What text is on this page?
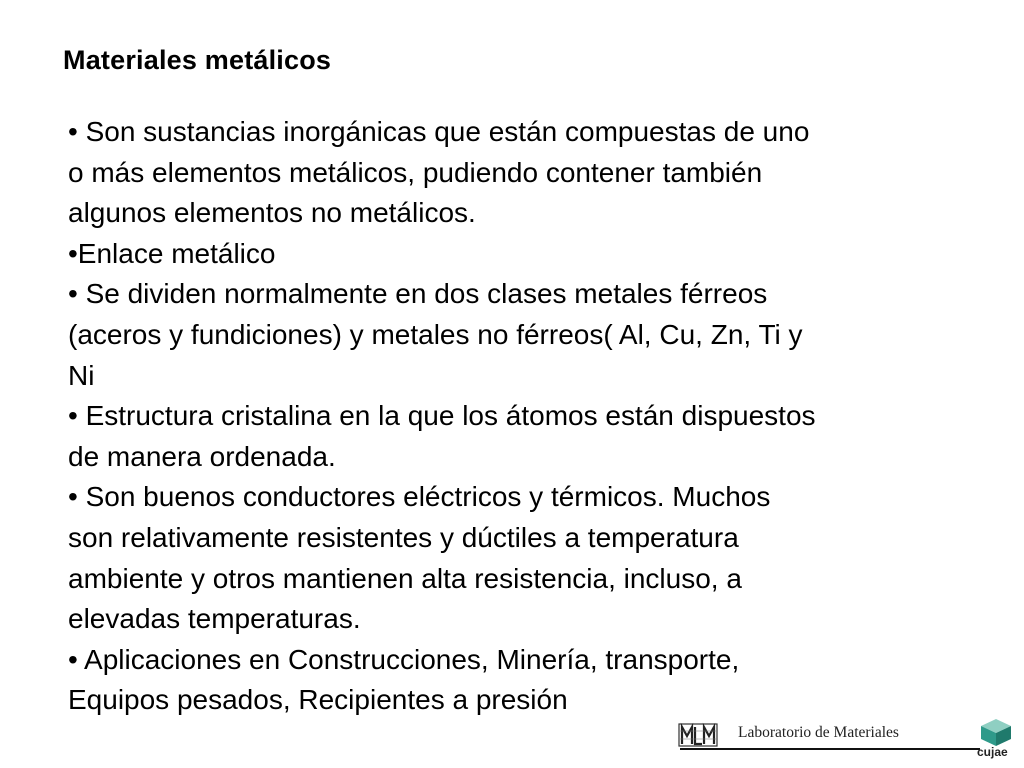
Materiales metálicos
• Son sustancias inorgánicas que están compuestas de uno
o más elementos metálicos, pudiendo contener también
algunos elementos no metálicos.
•Enlace metálico
• Se dividen normalmente en dos clases metales férreos
(aceros y fundiciones) y metales no férreos( Al, Cu, Zn, Ti y
Ni
• Estructura cristalina en la que los átomos están dispuestos
de manera ordenada.
• Son buenos conductores eléctricos y térmicos. Muchos
son relativamente resistentes y dúctiles a temperatura
ambiente y otros mantienen alta resistencia, incluso, a
elevadas temperaturas.
• Aplicaciones en Construcciones, Minería, transporte,
Equipos pesados, Recipientes a presión
Laboratorio de Materiales
cujae
